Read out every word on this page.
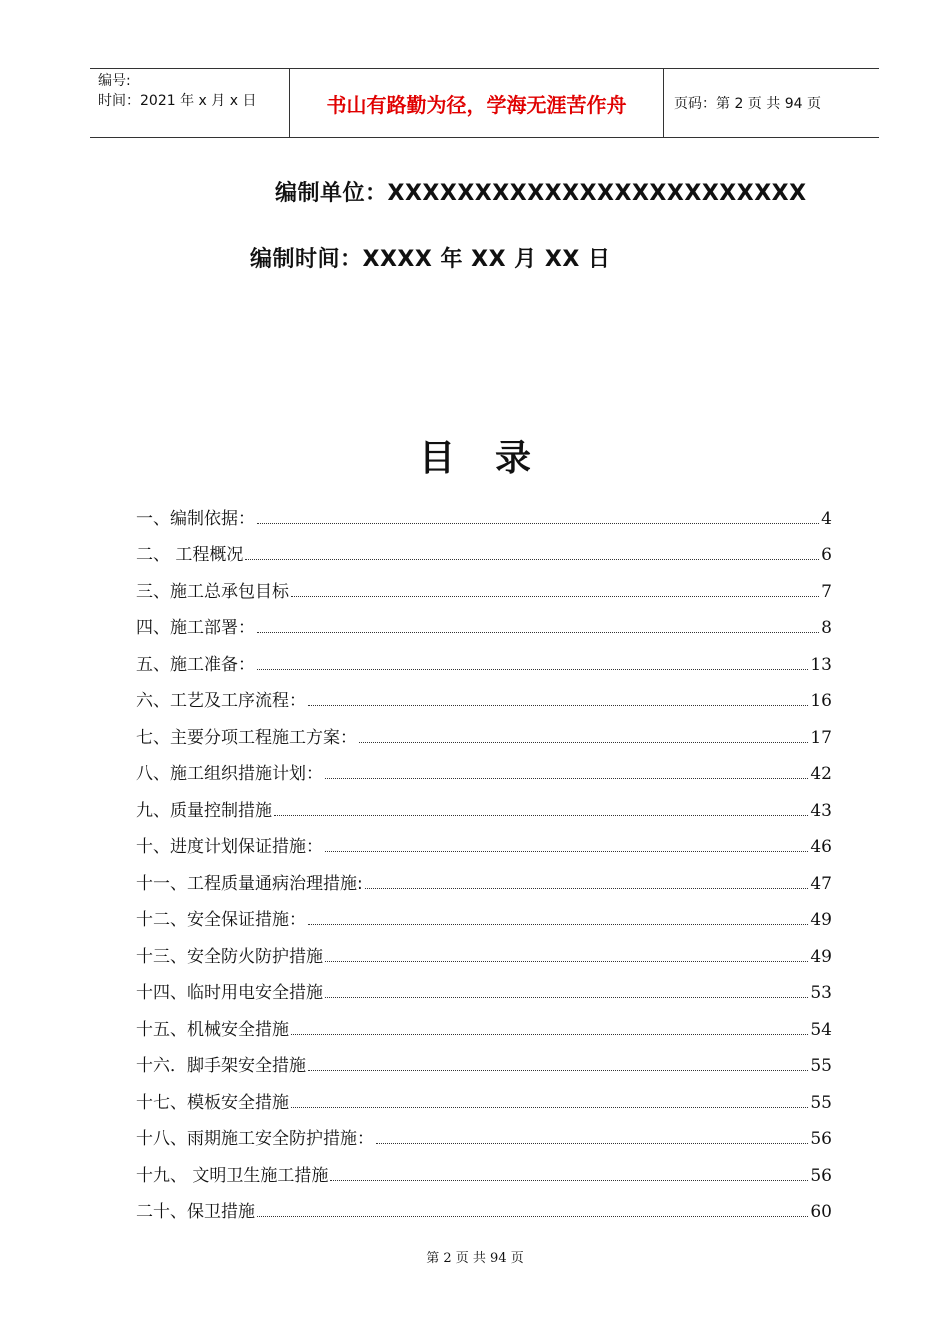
编号:
时间：2021 年 x 月 x 日	书山有路勤为径，学海无涯苦作舟	页码：第 2 页 共 94 页
编制单位：XXXXXXXXXXXXXXXXXXXXXXXX
编制时间：XXXX 年 XX 月 XX 日
目录
一、编制依据：	4
二、 工程概况	6
三、施工总承包目标	7
四、施工部署：	8
五、施工准备：	13
六、工艺及工序流程：	16
七、主要分项工程施工方案：	17
八、施工组织措施计划：	42
九、质量控制措施	43
十、进度计划保证措施：	46
十一、工程质量通病治理措施:	47
十二、安全保证措施：	49
十三、安全防火防护措施	49
十四、临时用电安全措施	53
十五、机械安全措施	54
十六．脚手架安全措施	55
十七、模板安全措施	55
十八、雨期施工安全防护措施：	56
十九、 文明卫生施工措施	56
二十、保卫措施	60
第 2 页 共 94 页
